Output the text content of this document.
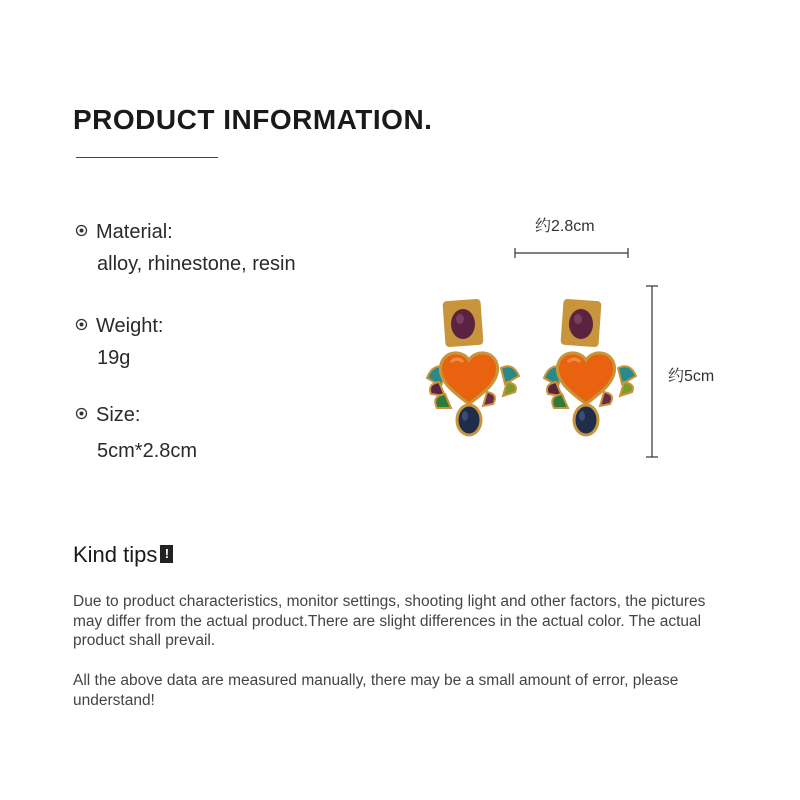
PRODUCT INFORMATION.
Material:
alloy, rhinestone, resin
Weight:
19g
Size:
5cm*2.8cm
约2.8cm
约5cm
Kind tips !

Due to product characteristics, monitor settings, shooting light and other factors, the pictures may differ from the actual product.There are slight differences in the actual color. The actual product shall prevail.

All the above data are measured manually, there may be a small amount of error, please understand!
